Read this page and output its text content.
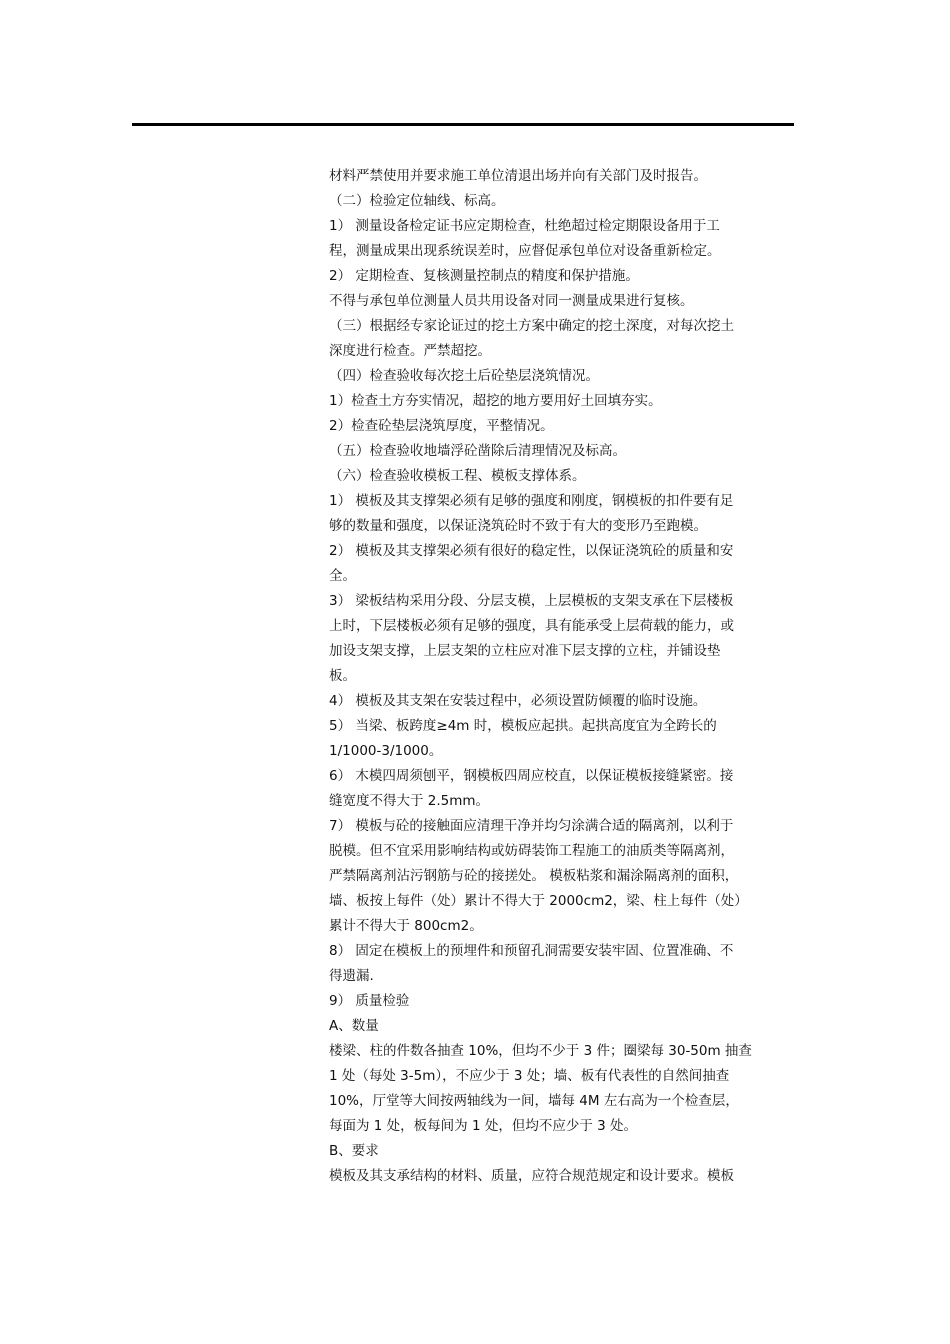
材料严禁使用并要求施工单位清退出场并向有关部门及时报告。
（二）检验定位轴线、标高。
1） 测量设备检定证书应定期检查，杜绝超过检定期限设备用于工
程，测量成果出现系统误差时，应督促承包单位对设备重新检定。
2） 定期检查、复核测量控制点的精度和保护措施。
不得与承包单位测量人员共用设备对同一测量成果进行复核。
（三）根据经专家论证过的挖土方案中确定的挖土深度，对每次挖土
深度进行检查。严禁超挖。
（四）检查验收每次挖土后砼垫层浇筑情况。
1）检查土方夯实情况，超挖的地方要用好土回填夯实。
2）检查砼垫层浇筑厚度，平整情况。
（五）检查验收地墙浮砼凿除后清理情况及标高。
（六）检查验收模板工程、模板支撑体系。
1） 模板及其支撑架必须有足够的强度和刚度，钢模板的扣件要有足
够的数量和强度，以保证浇筑砼时不致于有大的变形乃至跑模。
2） 模板及其支撑架必须有很好的稳定性，以保证浇筑砼的质量和安
全。
3） 梁板结构采用分段、分层支模，上层模板的支架支承在下层楼板
上时，下层楼板必须有足够的强度，具有能承受上层荷载的能力，或
加设支架支撑，上层支架的立柱应对准下层支撑的立柱，并铺设垫
板。
4） 模板及其支架在安装过程中，必须设置防倾覆的临时设施。
5） 当梁、板跨度≥4m 时，模板应起拱。起拱高度宜为全跨长的
1/1000-3/1000。
6） 木模四周须刨平，钢模板四周应校直，以保证模板接缝紧密。接
缝宽度不得大于 2.5mm。
7） 模板与砼的接触面应清理干净并均匀涂满合适的隔离剂，以利于
脱模。但不宜采用影响结构或妨碍装饰工程施工的油质类等隔离剂，
严禁隔离剂沾污钢筋与砼的接搓处。 模板粘浆和漏涂隔离剂的面积，
墙、板按上每件（处）累计不得大于 2000cm2，梁、柱上每件（处）
累计不得大于 800cm2。
8） 固定在模板上的预埋件和预留孔洞需要安装牢固、位置准确、不
得遗漏.
9） 质量检验
A、数量
楼梁、柱的件数各抽查 10%，但均不少于 3 件；圈梁每 30-50m 抽查
1 处（每处 3-5m），不应少于 3 处；墙、板有代表性的自然间抽查
10%，厅堂等大间按两轴线为一间，墙每 4M 左右高为一个检查层，
每面为 1 处，板每间为 1 处，但均不应少于 3 处。
B、要求
模板及其支承结构的材料、质量，应符合规范规定和设计要求。模板
